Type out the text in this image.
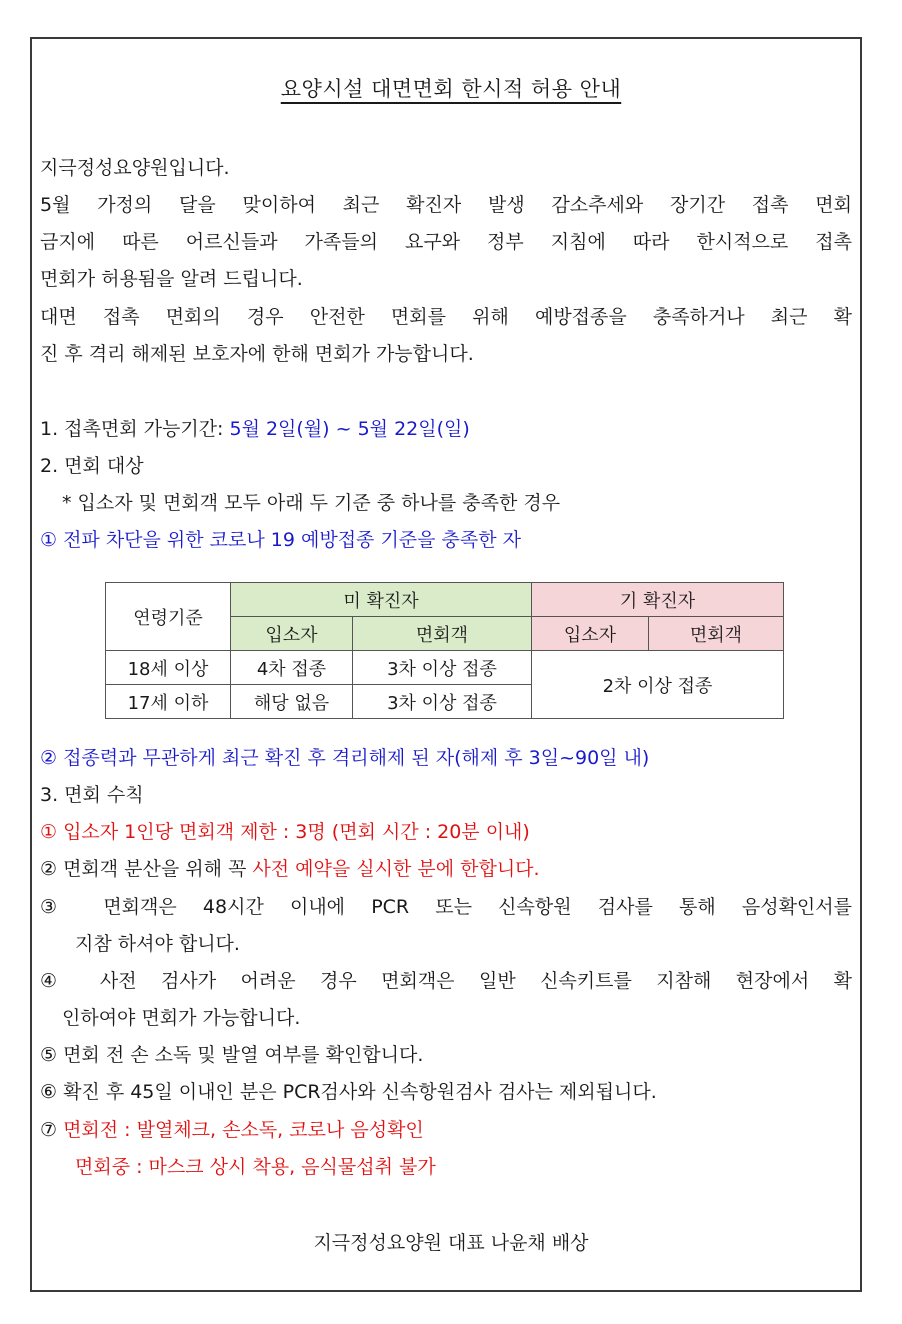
요양시설 대면면회 한시적 허용 안내
지극정성요양원입니다.
5월 가정의 달을 맞이하여 최근 확진자 발생 감소추세와 장기간 접촉 면회
금지에 따른 어르신들과 가족들의 요구와 정부 지침에 따라 한시적으로 접촉
면회가 허용됨을 알려 드립니다.
대면 접촉 면회의 경우 안전한 면회를 위해 예방접종을 충족하거나 최근 확
진 후 격리 해제된 보호자에 한해 면회가 가능합니다.
1. 접촉면회 가능기간: 5월 2일(월) ~ 5월 22일(일)
2. 면회 대상
* 입소자 및 면회객 모두 아래 두 기준 중 하나를 충족한 경우
① 전파 차단을 위한 코로나 19 예방접종 기준을 충족한 자
연령기준	미 확진자		기 확진자	
	입소자	면회객	입소자	면회객
18세 이상	4차 접종	3차 이상 접종	2차 이상 접종	
17세 이하	해당 없음	3차 이상 접종		
② 접종력과 무관하게 최근 확진 후 격리해제 된 자(해제 후 3일~90일 내)
3. 면회 수칙
① 입소자 1인당 면회객 제한 : 3명 (면회 시간 : 20분 이내)
② 면회객 분산을 위해 꼭 사전 예약을 실시한 분에 한합니다.
③ 면회객은 48시간 이내에 PCR 또는 신속항원 검사를 통해 음성확인서를
지참 하셔야 합니다.
④ 사전 검사가 어려운 경우 면회객은 일반 신속키트를 지참해 현장에서 확
인하여야 면회가 가능합니다.
⑤ 면회 전 손 소독 및 발열 여부를 확인합니다.
⑥ 확진 후 45일 이내인 분은 PCR검사와 신속항원검사 검사는 제외됩니다.
⑦ 면회전 : 발열체크, 손소독, 코로나 음성확인
면회중 : 마스크 상시 착용, 음식물섭취 불가
지극정성요양원 대표 나윤채 배상
